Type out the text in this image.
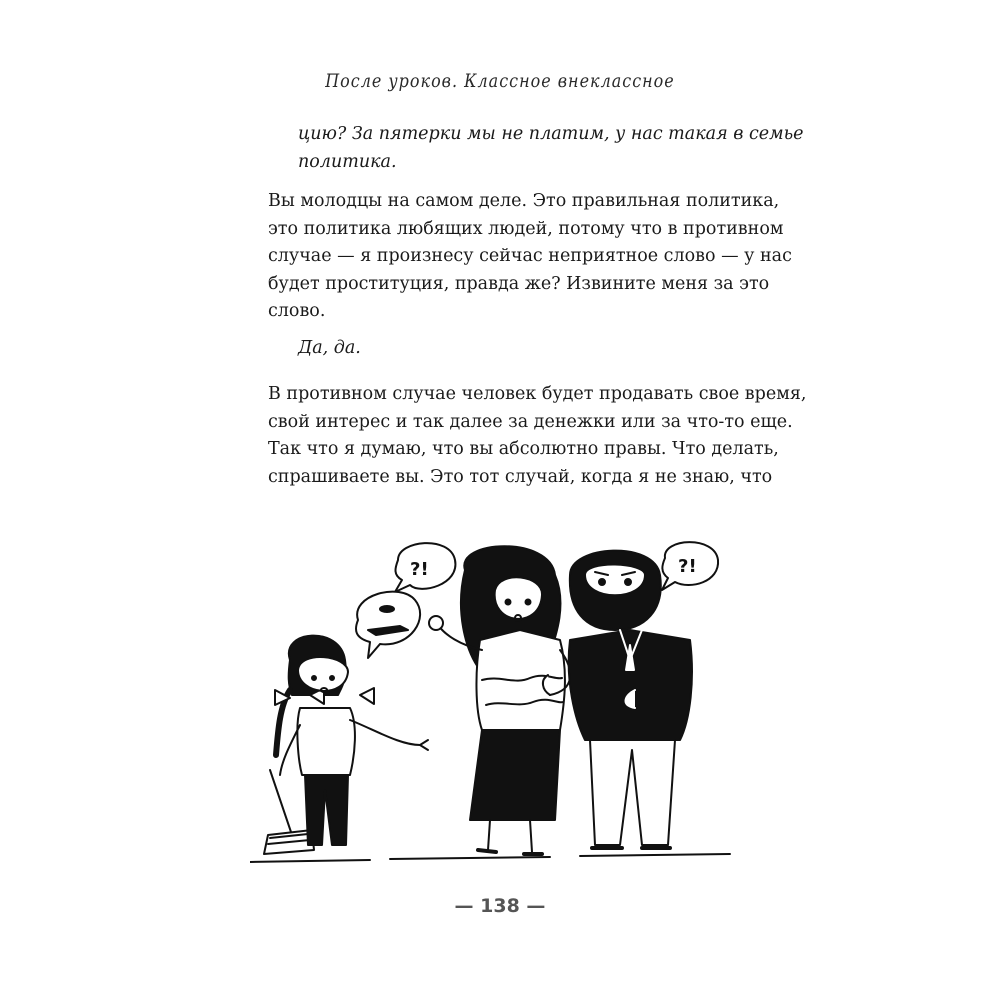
После уроков. Классное внеклассное
цию? За пятерки мы не платим, у нас такая в семье
политика.
Вы молодцы на самом деле. Это правильная политика,
это политика любящих людей, потому что в противном
случае — я произнесу сейчас неприятное слово — у нас
будет проституция, правда же? Извините меня за это
слово.
Да, да.
В противном случае человек будет продавать свое время,
свой интерес и так далее за денежки или за что-то еще.
Так что я думаю, что вы абсолютно правы. Что делать,
спрашиваете вы. Это тот случай, когда я не знаю, что
?!	?!
— 138 —
